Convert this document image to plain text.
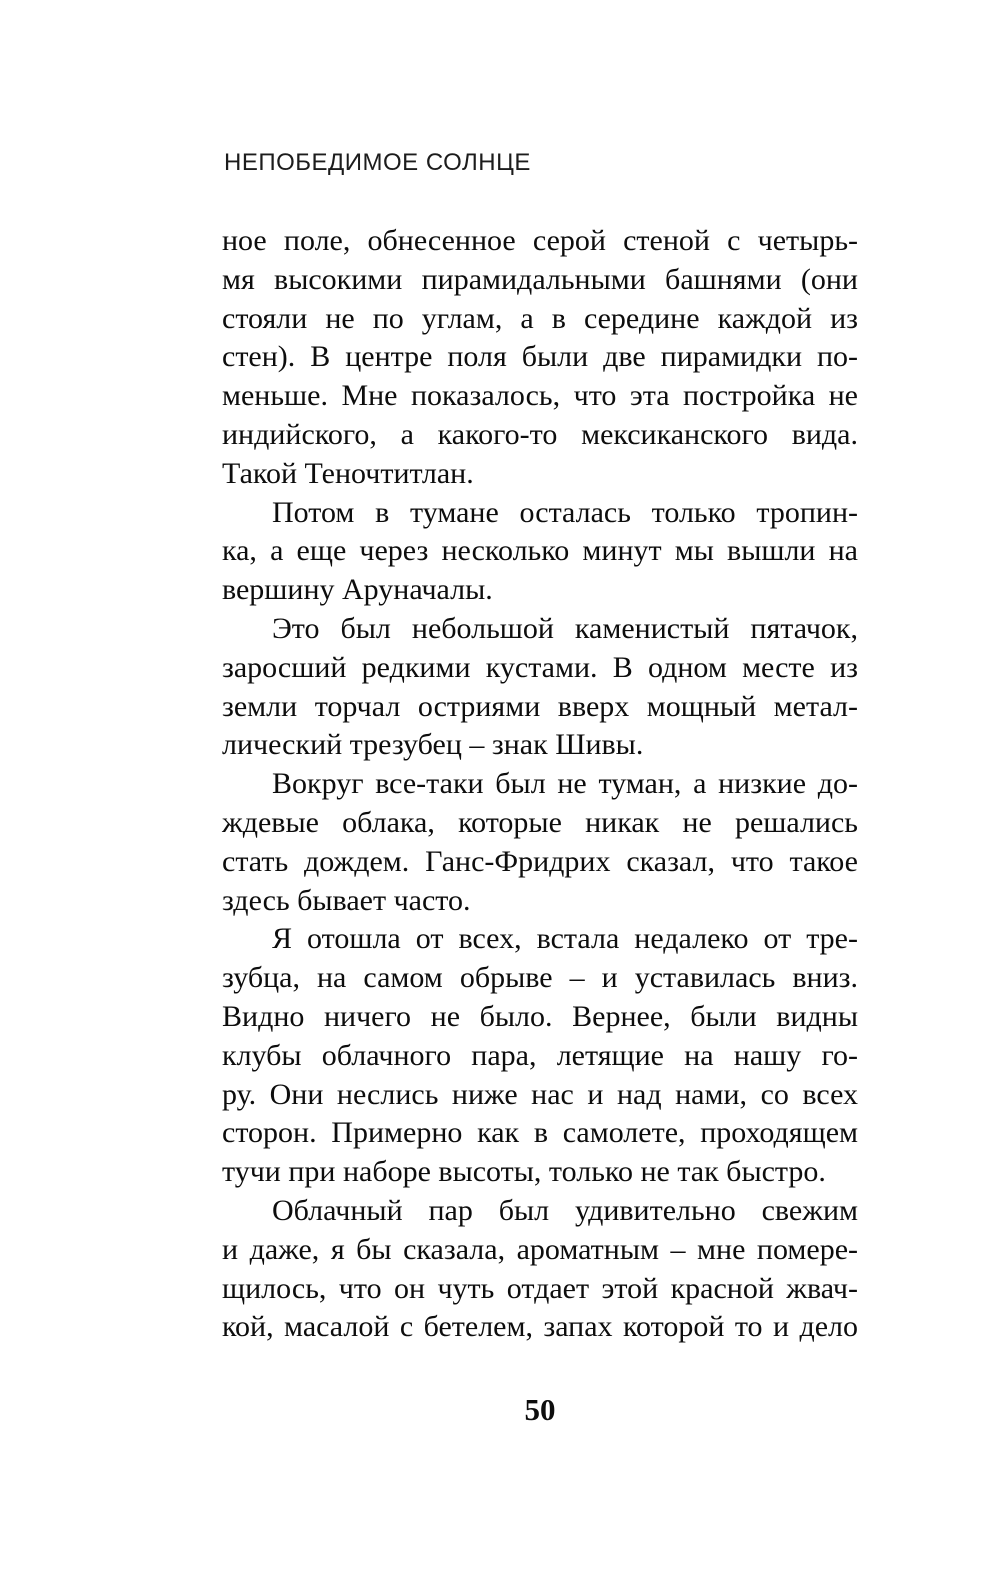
НЕПОБЕДИМОЕ СОЛНЦЕ
ное поле, обнесенное серой стеной с четырь-
мя высокими пирамидальными башнями (они
стояли не по углам, а в середине каждой из
стен). В центре поля были две пирамидки по-
меньше. Мне показалось, что эта постройка не
индийского, а какого-то мексиканского вида.
Такой Теночтитлан.
Потом в тумане осталась только тропин-
ка, а еще через несколько минут мы вышли на
вершину Аруначалы.
Это был небольшой каменистый пятачок,
заросший редкими кустами. В одном месте из
земли торчал остриями вверх мощный метал-
лический трезубец – знак Шивы.
Вокруг все-таки был не туман, а низкие до-
ждевые облака, которые никак не решались
стать дождем. Ганс-Фридрих сказал, что такое
здесь бывает часто.
Я отошла от всех, встала недалеко от тре-
зубца, на самом обрыве – и уставилась вниз.
Видно ничего не было. Вернее, были видны
клубы облачного пара, летящие на нашу го-
ру. Они неслись ниже нас и над нами, со всех
сторон. Примерно как в самолете, проходящем
тучи при наборе высоты, только не так быстро.
Облачный пар был удивительно свежим
и даже, я бы сказала, ароматным – мне помере-
щилось, что он чуть отдает этой красной жвач-
кой, масалой с бетелем, запах которой то и дело
50
